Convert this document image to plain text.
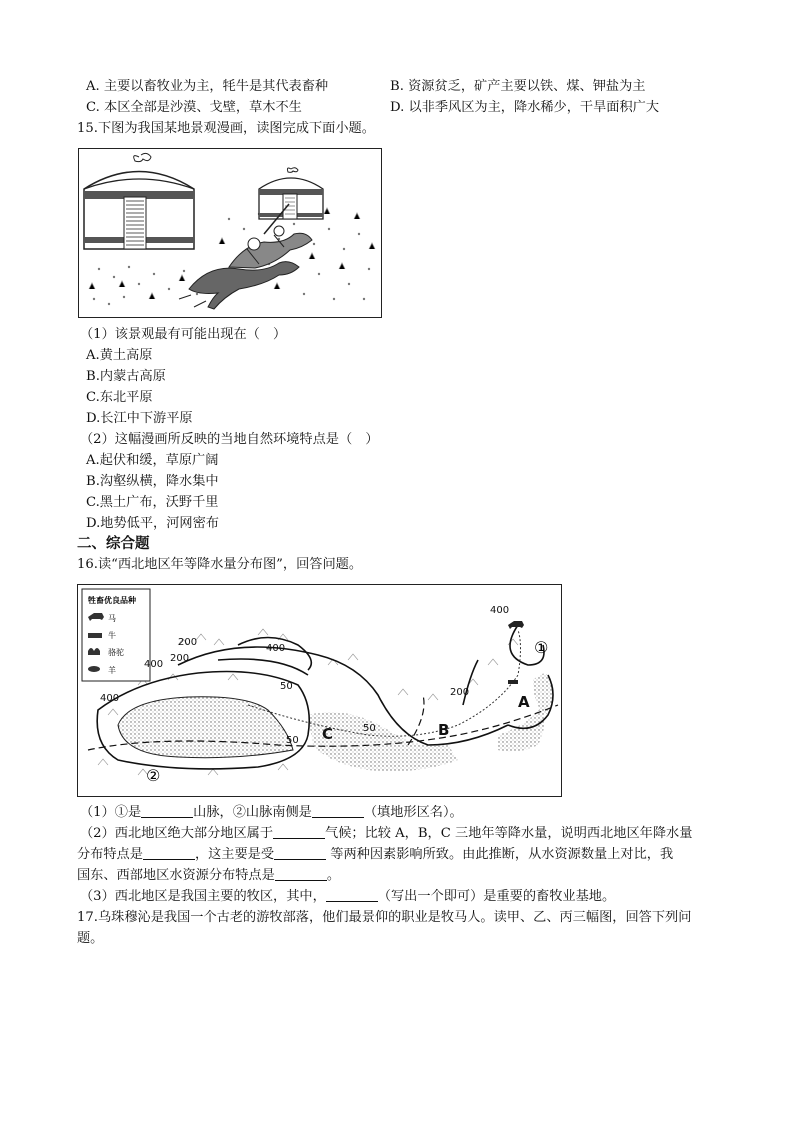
A. 主要以畜牧业为主，牦牛是其代表畜种	B. 资源贫乏，矿产主要以铁、煤、钾盐为主
C. 本区全部是沙漠、戈壁，草木不生	D. 以非季风区为主，降水稀少，干旱面积广大
15.下图为我国某地景观漫画，读图完成下面小题。
（1）该景观最有可能出现在（　）
A.黄土高原
B.内蒙古高原
C.东北平原
D.长江中下游平原
（2）这幅漫画所反映的当地自然环境特点是（　）
A.起伏和缓，草原广阔
B.沟壑纵横，降水集中
C.黑土广布，沃野千里
D.地势低平，河网密布
二、综合题
16.读“西北地区年等降水量分布图”，回答问题。
牲畜优良品种
马
牛
骆驼
羊
400
200
200
400
400
50
400
50
50
200
A
B
C
①
②
（1）①是	山脉，②山脉南侧是	（填地形区名）。
（2）西北地区绝大部分地区属于	气候；比较 A，B，C 三地年等降水量，说明西北地区年降水量
分布特点是	，这主要是受	等两种因素影响所致。由此推断，从水资源数量上对比，我
国东、西部地区水资源分布特点是	。
（3）西北地区是我国主要的牧区，其中，	（写出一个即可）是重要的畜牧业基地。
17.乌珠穆沁是我国一个古老的游牧部落，他们最景仰的职业是牧马人。读甲、乙、丙三幅图，回答下列问
题。
